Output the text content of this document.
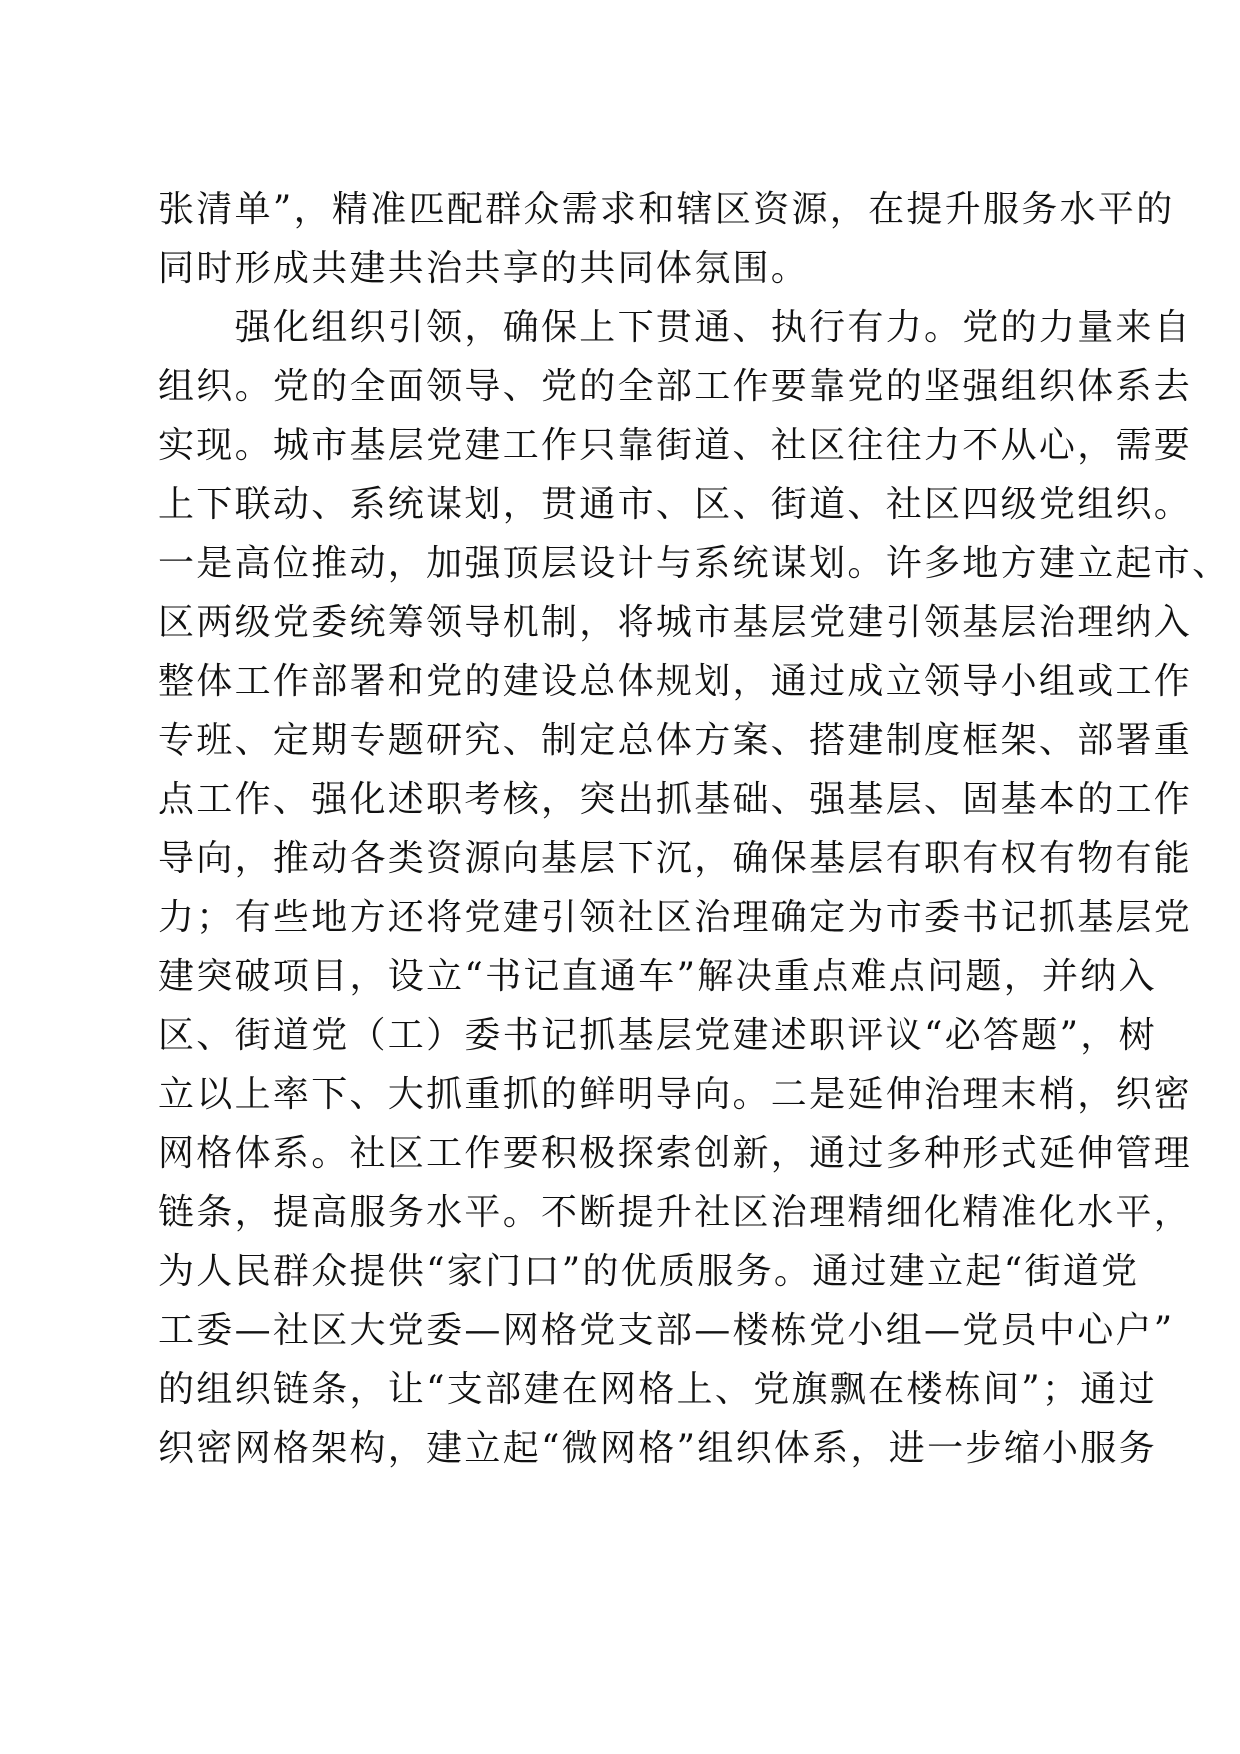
张清单”，精准匹配群众需求和辖区资源，在提升服务水平的
同时形成共建共治共享的共同体氛围。
　　强化组织引领，确保上下贯通、执行有力。党的力量来自
组织。党的全面领导、党的全部工作要靠党的坚强组织体系去
实现。城市基层党建工作只靠街道、社区往往力不从心，需要
上下联动、系统谋划，贯通市、区、街道、社区四级党组织。
一是高位推动，加强顶层设计与系统谋划。许多地方建立起市、
区两级党委统筹领导机制，将城市基层党建引领基层治理纳入
整体工作部署和党的建设总体规划，通过成立领导小组或工作
专班、定期专题研究、制定总体方案、搭建制度框架、部署重
点工作、强化述职考核，突出抓基础、强基层、固基本的工作
导向，推动各类资源向基层下沉，确保基层有职有权有物有能
力；有些地方还将党建引领社区治理确定为市委书记抓基层党
建突破项目，设立“书记直通车”解决重点难点问题，并纳入
区、街道党（工）委书记抓基层党建述职评议“必答题”，树
立以上率下、大抓重抓的鲜明导向。二是延伸治理末梢，织密
网格体系。社区工作要积极探索创新，通过多种形式延伸管理
链条，提高服务水平。不断提升社区治理精细化精准化水平，
为人民群众提供“家门口”的优质服务。通过建立起“街道党
工委—社区大党委—网格党支部—楼栋党小组—党员中心户”
的组织链条，让“支部建在网格上、党旗飘在楼栋间”；通过
织密网格架构，建立起“微网格”组织体系，进一步缩小服务
